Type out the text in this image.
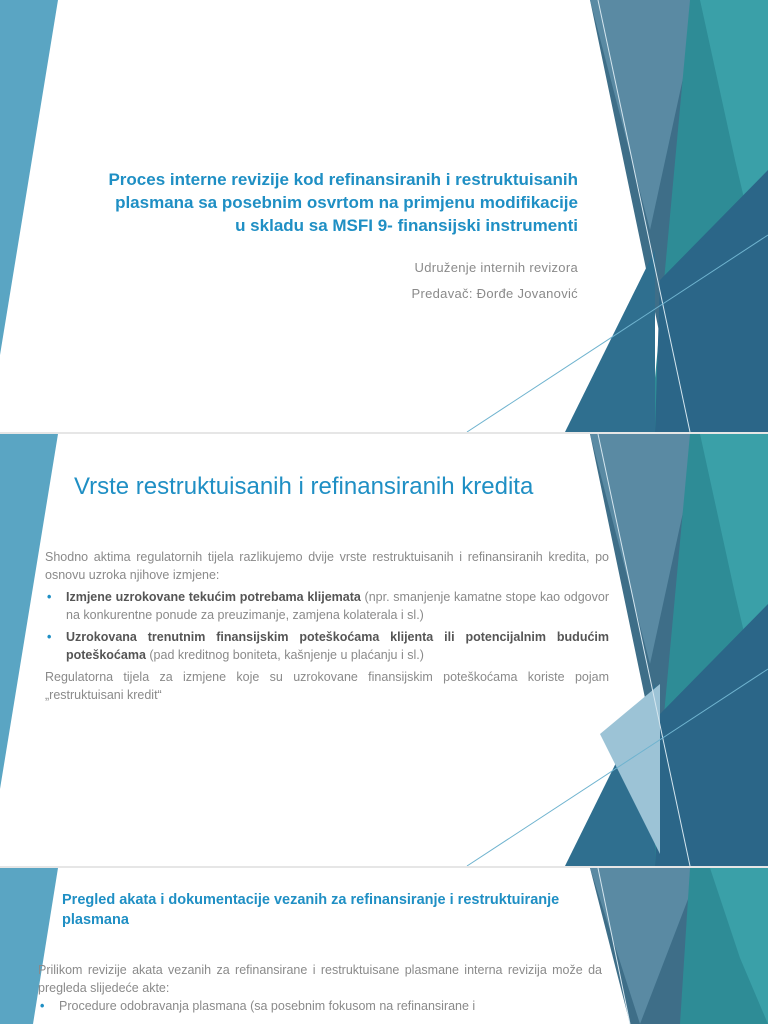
Proces interne revizije kod refinansiranih i restruktuisanih
plasmana sa posebnim osvrtom na primjenu modifikacije
u skladu sa MSFI 9- finansijski instrumenti
Udruženje internih revizora
Predavač: Đorđe Jovanović
Vrste restruktuisanih i refinansiranih kredita

Shodno aktima regulatornih tijela razlikujemo dvije vrste restruktuisanih i refinansiranih kredita, po osnovu uzroka njihove izmjene:

• Izmjene uzrokovane tekućim potrebama klijemata (npr. smanjenje kamatne stope kao odgovor na konkurentne ponude za preuzimanje, zamjena kolaterala i sl.)
• Uzrokovana trenutnim finansijskim poteškoćama klijenta ili potencijalnim budućim poteškoćama (pad kreditnog boniteta, kašnjenje u plaćanju i sl.)

Regulatorna tijela za izmjene koje su uzrokovane finansijskim poteškoćama koriste pojam „restruktuisani kredit“

Pregled akata i dokumentacije vezanih za refinansiranje i restruktuiranje plasmana

Prilikom revizije akata vezanih za refinansirane i restruktuisane plasmane interna revizija može da pregleda slijedeće akte:

• Procedure odobravanja plasmana (sa posebnim fokusom na refinansirane i
